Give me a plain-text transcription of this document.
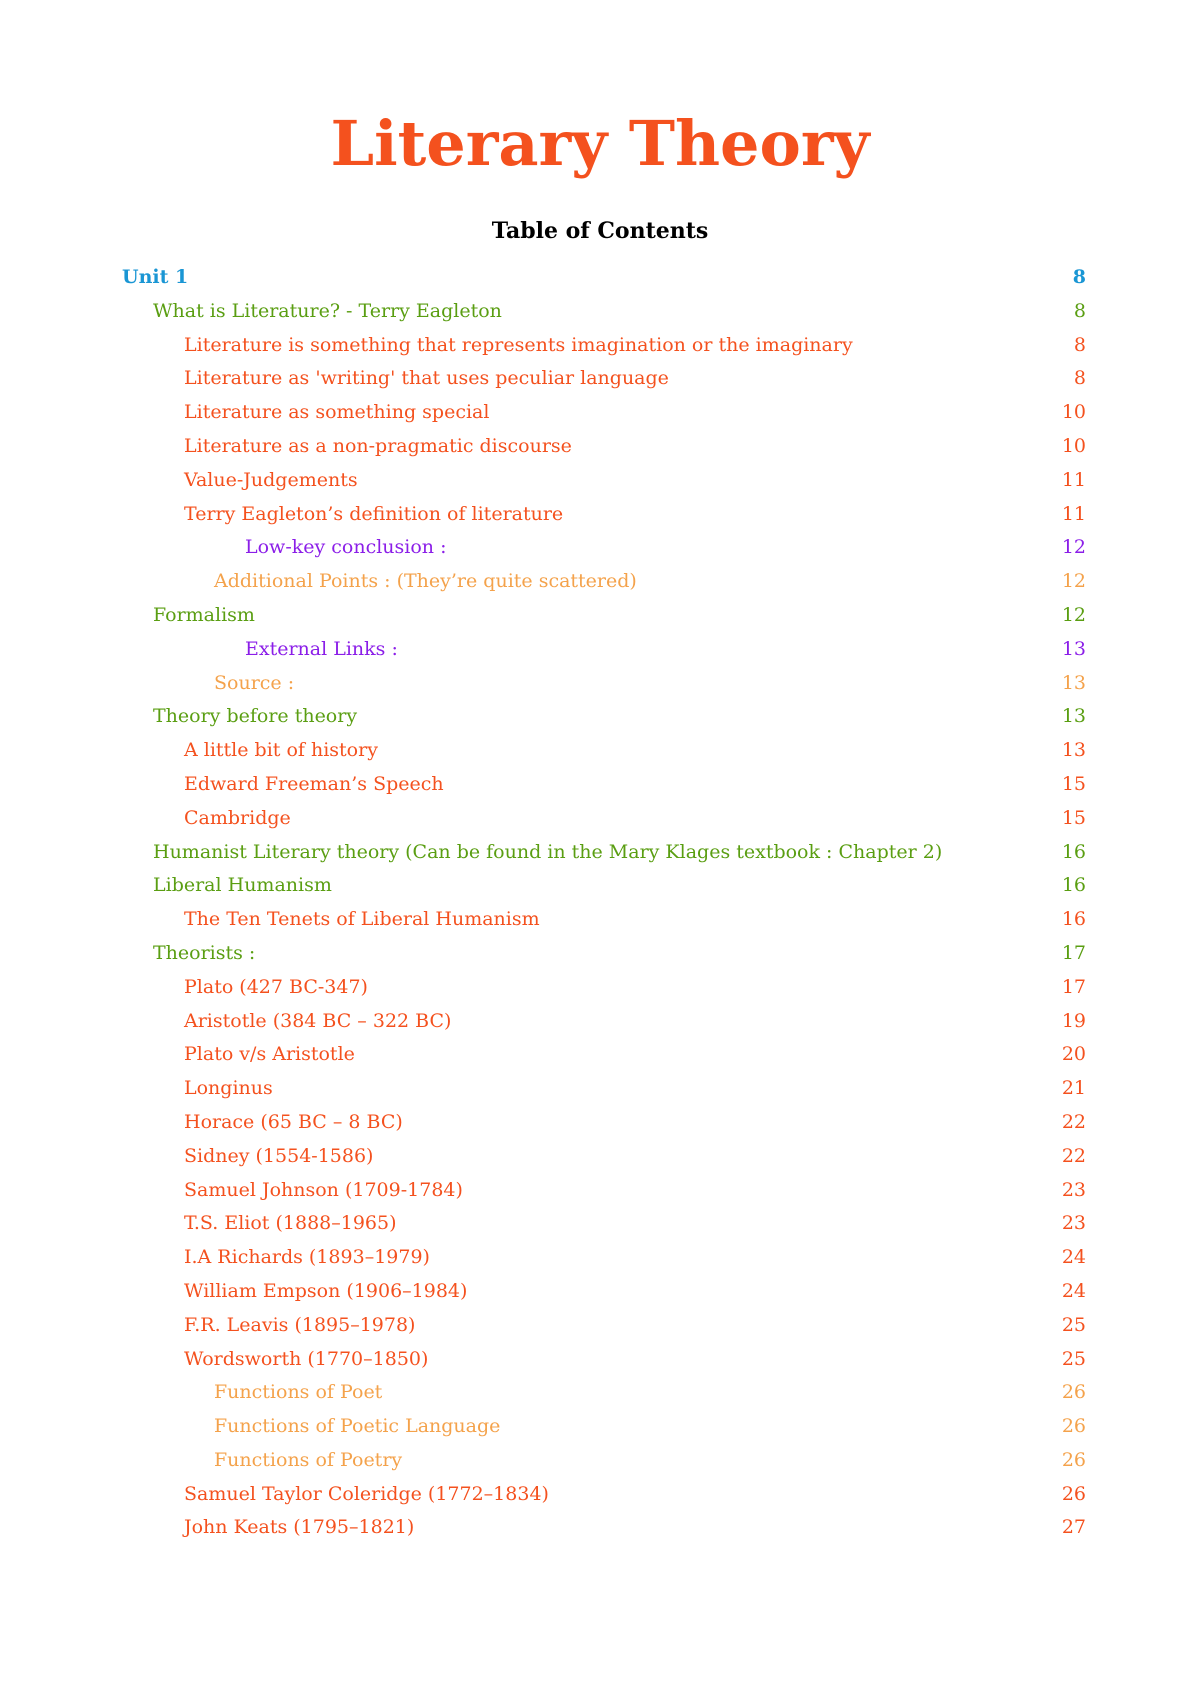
Literary Theory
Table of Contents
Unit 1	8
What is Literature? - Terry Eagleton	8
Literature is something that represents imagination or the imaginary	8
Literature as 'writing' that uses peculiar language	8
Literature as something special	10
Literature as a non-pragmatic discourse	10
Value-Judgements	11
Terry Eagleton’s definition of literature	11
Low-key conclusion :	12
Additional Points : (They’re quite scattered)	12
Formalism	12
External Links :	13
Source :	13
Theory before theory	13
A little bit of history	13
Edward Freeman’s Speech	15
Cambridge	15
Humanist Literary theory (Can be found in the Mary Klages textbook : Chapter 2)	16
Liberal Humanism	16
The Ten Tenets of Liberal Humanism	16
Theorists :	17
Plato (427 BC-347)	17
Aristotle (384 BC – 322 BC)	19
Plato v/s Aristotle	20
Longinus	21
Horace (65 BC – 8 BC)	22
Sidney (1554-1586)	22
Samuel Johnson (1709-1784)	23
T.S. Eliot (1888–1965)	23
I.A Richards (1893–1979)	24
William Empson (1906–1984)	24
F.R. Leavis (1895–1978)	25
Wordsworth (1770–1850)	25
Functions of Poet	26
Functions of Poetic Language	26
Functions of Poetry	26
Samuel Taylor Coleridge (1772–1834)	26
John Keats (1795–1821)	27
